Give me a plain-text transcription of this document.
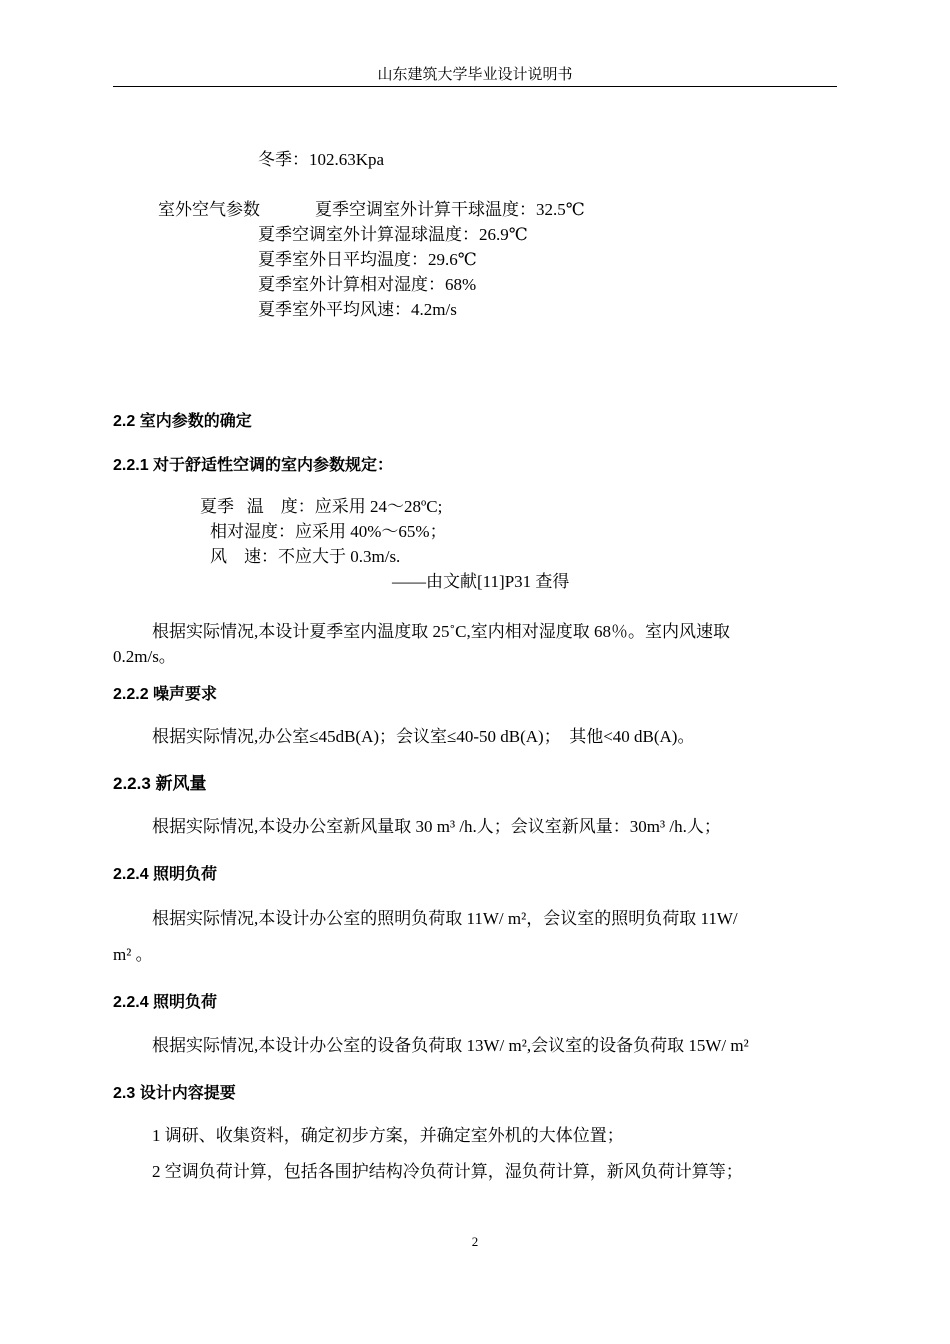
山东建筑大学毕业设计说明书
冬季：102.63Kpa
室外空气参数	夏季空调室外计算干球温度：32.5℃
夏季空调室外计算湿球温度：26.9℃
夏季室外日平均温度：29.6℃
夏季室外计算相对湿度：68%
夏季室外平均风速：4.2m/s
2.2 室内参数的确定
2.2.1 对于舒适性空调的室内参数规定：
夏季   温    度：应采用 24～28ºC;
相对湿度：应采用 40%～65%；
风    速：不应大于 0.3m/s.
——由文献[11]P31 查得
根据实际情况,本设计夏季室内温度取 25˚C,室内相对湿度取 68％。室内风速取
0.2m/s。
2.2.2 噪声要求
根据实际情况,办公室≤45dB(A)；会议室≤40-50 dB(A)；  其他<40 dB(A)。
2.2.3 新风量
根据实际情况,本设办公室新风量取 30 m³ /h.人；会议室新风量：30m³ /h.人；
2.2.4 照明负荷
根据实际情况,本设计办公室的照明负荷取 11W/ m²，会议室的照明负荷取 11W/
m² 。
2.2.4 照明负荷
根据实际情况,本设计办公室的设备负荷取 13W/ m²,会议室的设备负荷取 15W/ m²
2.3 设计内容提要
1 调研、收集资料，确定初步方案，并确定室外机的大体位置；
2 空调负荷计算，包括各围护结构冷负荷计算，湿负荷计算，新风负荷计算等；
2
